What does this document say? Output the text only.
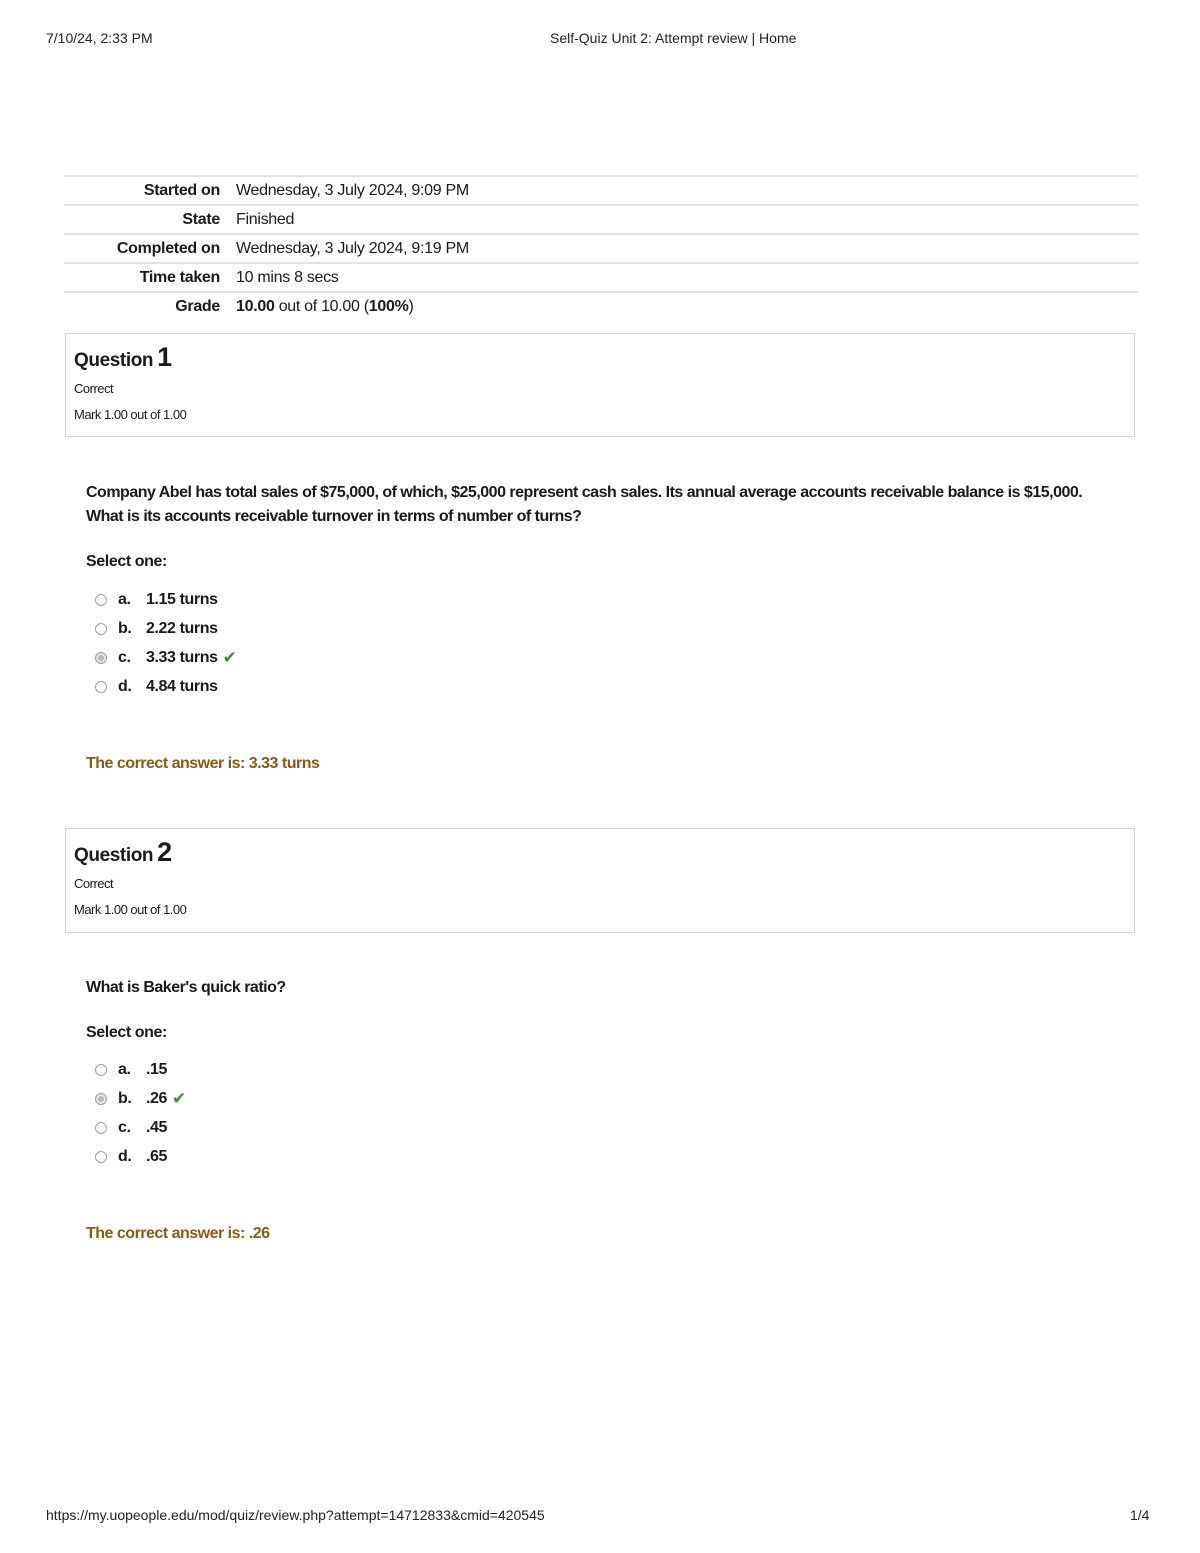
7/10/24, 2:33 PM	Self-Quiz Unit 2: Attempt review | Home
Started on	Wednesday, 3 July 2024, 9:09 PM
State	Finished
Completed on	Wednesday, 3 July 2024, 9:19 PM
Time taken	10 mins 8 secs
Grade	10.00 out of 10.00 (100%)
Question 1
Correct
Mark 1.00 out of 1.00
Company Abel has total sales of $75,000, of which, $25,000 represent cash sales. Its annual average accounts receivable balance is $15,000. What is its accounts receivable turnover in terms of number of turns?
Select one:
a. 1.15 turns
b. 2.22 turns
c. 3.33 turns ✔
d. 4.84 turns
The correct answer is: 3.33 turns
Question 2
Correct
Mark 1.00 out of 1.00
What is Baker's quick ratio?
Select one:
a. .15
b. .26 ✔
c. .45
d. .65
The correct answer is: .26
https://my.uopeople.edu/mod/quiz/review.php?attempt=14712833&cmid=420545	1/4
